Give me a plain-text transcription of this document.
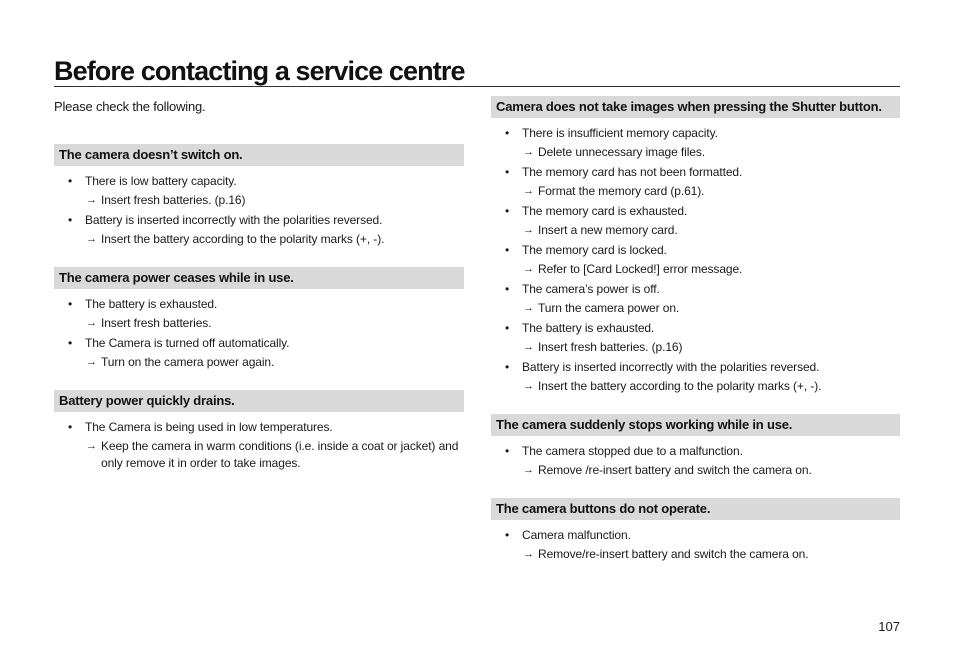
Before contacting a service centre
Please check the following.
The camera doesn’t switch on.
• There is low battery capacity.
→ Insert fresh batteries. (p.16)
• Battery is inserted incorrectly with the polarities reversed.
→ Insert the battery according to the polarity marks (+, -).
The camera power ceases while in use.
• The battery is exhausted.
→ Insert fresh batteries.
• The Camera is turned off automatically.
→ Turn on the camera power again.
Battery power quickly drains.
• The Camera is being used in low temperatures.
→ Keep the camera in warm conditions (i.e. inside a coat or jacket) and only remove it in order to take images.
Camera does not take images when pressing the Shutter button.
• There is insufficient memory capacity.
→ Delete unnecessary image files.
• The memory card has not been formatted.
→ Format the memory card (p.61).
• The memory card is exhausted.
→ Insert a new memory card.
• The memory card is locked.
→ Refer to [Card Locked!] error message.
• The camera’s power is off.
→ Turn the camera power on.
• The battery is exhausted.
→ Insert fresh batteries. (p.16)
• Battery is inserted incorrectly with the polarities reversed.
→ Insert the battery according to the polarity marks (+, -).
The camera suddenly stops working while in use.
• The camera stopped due to a malfunction.
→ Remove /re-insert battery and switch the camera on.
The camera buttons do not operate.
• Camera malfunction.
→ Remove/re-insert battery and switch the camera on.
107
